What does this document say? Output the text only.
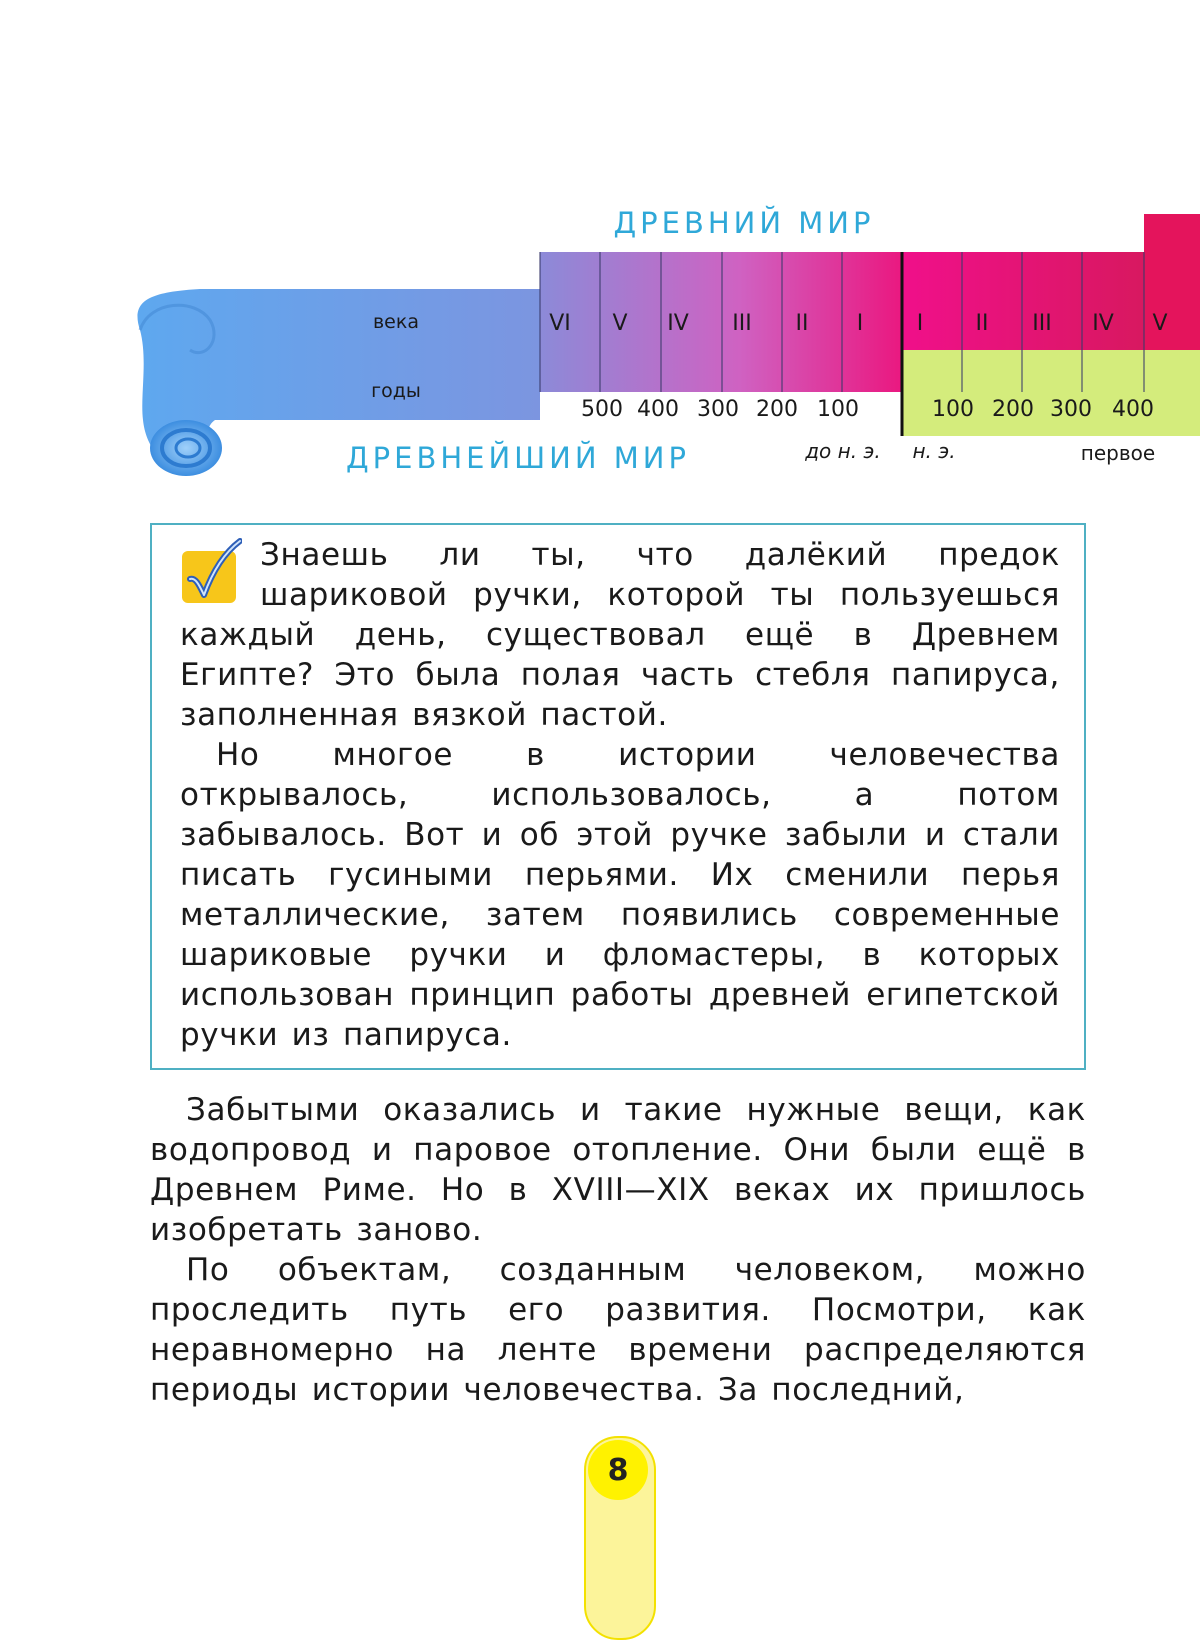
ДРЕВНИЙ МИР
ДРЕВНЕЙШИЙ МИР
века
годы
VI V IV III II I I II III IV V
500 400 300 200 100	100 200 300 400
до н. э. н. э.	первое

Знаешь ли ты, что далёкий предок шариковой ручки, которой ты пользуешься каждый день, существовал ещё в Древнем Египте? Это была полая часть стебля папируса, заполненная вязкой пастой.

Но многое в истории человечества открывалось, использовалось, а потом забывалось. Вот и об этой ручке забыли и стали писать гусиными перьями. Их сменили перья металлические, затем появились современные шариковые ручки и фломастеры, в которых использован принцип работы древней египетской ручки из папируса.

Забытыми оказались и такие нужные вещи, как водопровод и паровое отопление. Они были ещё в Древнем Риме. Но в XVIII—XIX веках их пришлось изобретать заново.

По объектам, созданным человеком, можно проследить путь его развития. Посмотри, как неравномерно на ленте времени распределяются периоды истории человечества. За последний,

8
